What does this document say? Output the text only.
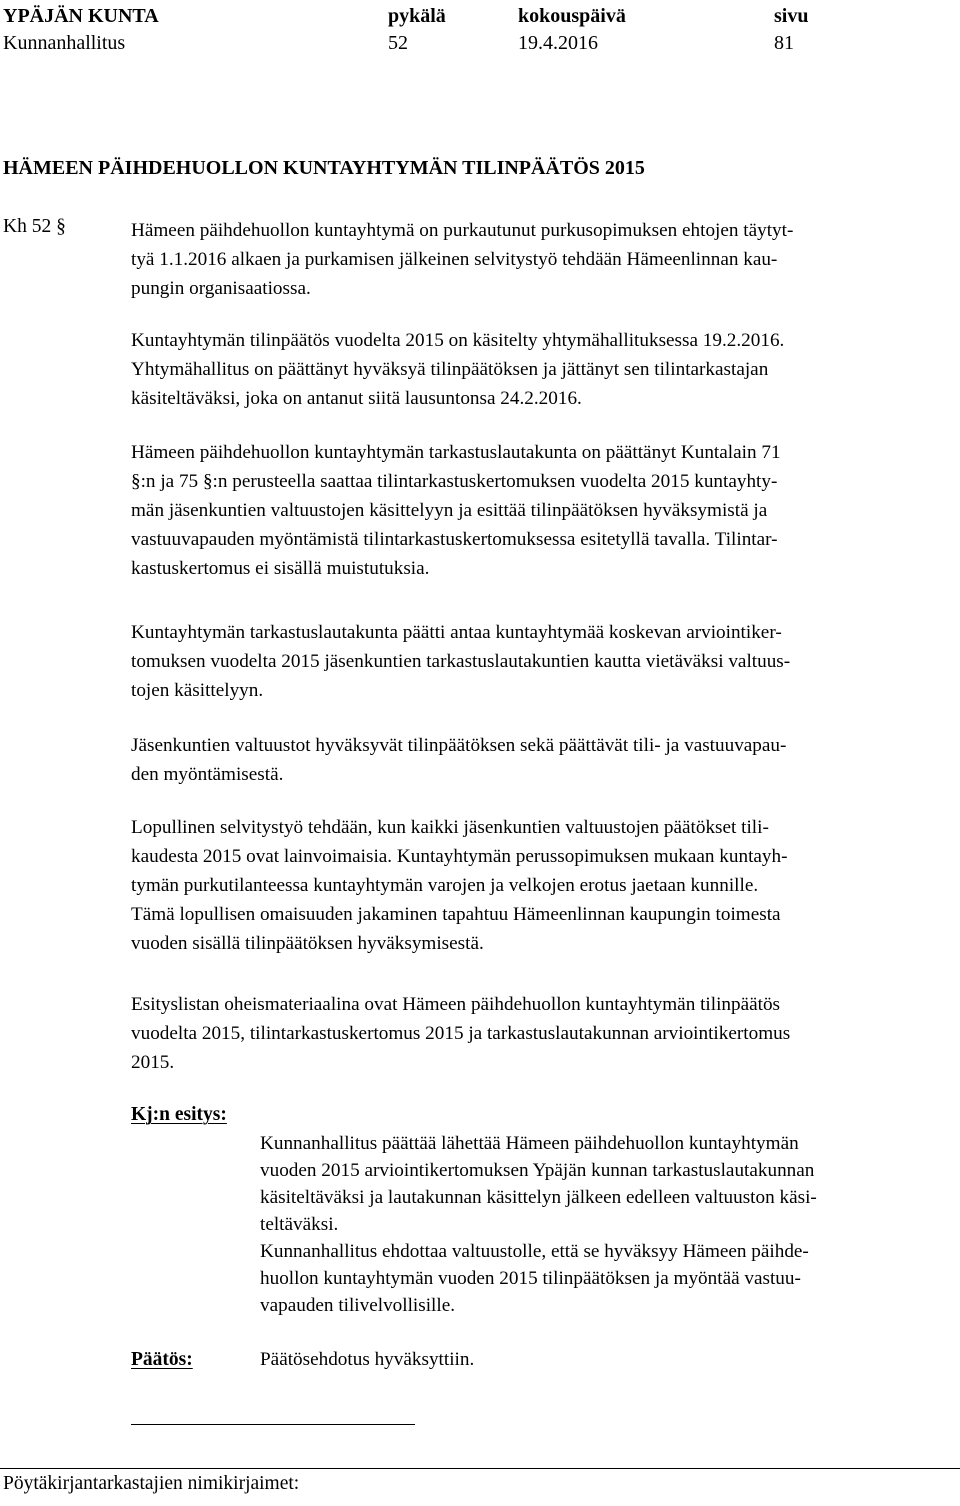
YPÄJÄN KUNTA
Kunnanhallitus
pykälä
52
kokouspäivä
19.4.2016
sivu
81
HÄMEEN PÄIHDEHUOLLON KUNTAYHTYMÄN TILINPÄÄTÖS 2015
Kh 52 §	Hämeen päihdehuollon kuntayhtymä on purkautunut purkusopimuksen ehtojen täytyt-
tyä 1.1.2016 alkaen ja purkamisen jälkeinen selvitystyö tehdään Hämeenlinnan kau-
pungin organisaatiossa.
Kuntayhtymän tilinpäätös vuodelta 2015 on käsitelty yhtymähallituksessa 19.2.2016.
Yhtymähallitus on päättänyt hyväksyä tilinpäätöksen ja jättänyt sen tilintarkastajan
käsiteltäväksi, joka on antanut siitä lausuntonsa 24.2.2016.
Hämeen päihdehuollon kuntayhtymän tarkastuslautakunta on päättänyt Kuntalain 71
§:n ja 75 §:n perusteella saattaa tilintarkastuskertomuksen vuodelta 2015 kuntayhty-
män jäsenkuntien valtuustojen käsittelyyn ja esittää tilinpäätöksen hyväksymistä ja
vastuuvapauden myöntämistä tilintarkastuskertomuksessa esitetyllä tavalla. Tilintar-
kastuskertomus ei sisällä muistutuksia.
Kuntayhtymän tarkastuslautakunta päätti antaa kuntayhtymää koskevan arviointiker-
tomuksen vuodelta 2015 jäsenkuntien tarkastuslautakuntien kautta vietäväksi valtuus-
tojen käsittelyyn.
Jäsenkuntien valtuustot hyväksyvät tilinpäätöksen sekä päättävät tili- ja vastuuvapau-
den myöntämisestä.
Lopullinen selvitystyö tehdään, kun kaikki jäsenkuntien valtuustojen päätökset tili-
kaudesta 2015 ovat lainvoimaisia. Kuntayhtymän perussopimuksen mukaan kuntayh-
tymän purkutilanteessa kuntayhtymän varojen ja velkojen erotus jaetaan kunnille.
Tämä lopullisen omaisuuden jakaminen tapahtuu Hämeenlinnan kaupungin toimesta
vuoden sisällä tilinpäätöksen hyväksymisestä.
Esityslistan oheismateriaalina ovat Hämeen päihdehuollon kuntayhtymän tilinpäätös
vuodelta 2015, tilintarkastuskertomus 2015 ja tarkastuslautakunnan arviointikertomus
2015.
Kj:n esitys:
Kunnanhallitus päättää lähettää Hämeen päihdehuollon kuntayhtymän
vuoden 2015 arviointikertomuksen Ypäjän kunnan tarkastuslautakunnan
käsiteltäväksi ja lautakunnan käsittelyn jälkeen edelleen valtuuston käsi-
teltäväksi.
Kunnanhallitus ehdottaa valtuustolle, että se hyväksyy Hämeen päihde-
huollon kuntayhtymän vuoden 2015 tilinpäätöksen ja myöntää vastuu-
vapauden tilivelvollisille.
Päätös:	Päätösehdotus hyväksyttiin.
Pöytäkirjantarkastajien nimikirjaimet:
